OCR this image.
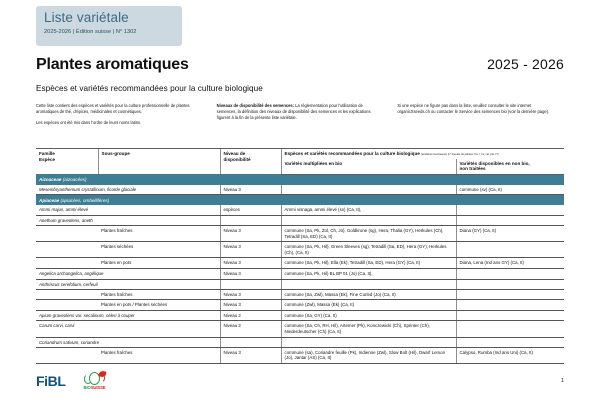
Liste variétale
2025-2026 | Édition suisse | N° 1302
Plantes aromatiques	2025 - 2026
Espèces et variétés recommandées pour la culture biologique

Cette liste contient des espèces et variétés pour la culture professionnelle de plantes aromatiques de thé, d'épices, médicinales et cosmétiques.

Les espèces ont été mis dans l'ordre de leurs noms latins.

Niveaux de disponibilité des semences: La réglementation pour l'utilisation de semences, la définition des niveaux de disponibilité des semences et les explications figurent à la fin de la présente liste variétale.

Si une espèce ne figure pas dans la liste, veuillez consulter le site internet organicXseeds.ch ou contacter le Service des semences bio (voir la dernière page).

Famille
Espèce

Sous-groupe	Niveau de
disponibilité
	Espèces et variétés recommandées pour la culture biologique (tendance fournisseur) (n° brevets de plantes: Ca, I, LV, var. par. IT)

			Variétés multipliées en bio	Variétés disponibles en non bio,
non traitées

Aizoaceae (aizoacées)				
Mesembryanthemum crystallinum, ficoïde glaciale		Niveau 3		commune (sv) (Ca, It)
Apiaceae (apiacées, ombellifères)				
Ammi majus, ammi élevé		espèces	Ammi visnaga, ammi élevé (sv) (Ca, It),	
Anethum graveolens, aneth				
	Plantes fraîches	Niveau 3	commune (Sa, Pk, Zol, Ch, Jo), Goldkrone (sg), Hera, Thalia (GY), Herkules (Ch), Tetradill (Sa, ED) (Ca, It)	Diana (GY) (Ca, It)
	Plantes séchées	Niveau 3	commune (Sa, Pk, Hil), Green Sleeves (sg), Tetradill (Sa, ED), Hera (GY), Herkules (Ch), (Ca, It)	
	Plantes en pots	Niveau 3	commune (Sa, Pk, Hil), Ella (Ek), Tetradill (Sa, ED), Hera (GY) (Ca, It)	Diana, Lena (Ind ans GY) (Ca, It)
Angelica archangelica, angélique		Niveau 3	commune (Sa, Pk, Hil) BL BP 01 (Jo) (Ca, It),	
Anthriscus cerefolium, cerfeuil				
	Plantes fraîches	Niveau 3	commune (Sa, Zwl), Massa (Ek), Fine Curled (Jo) (Ca, It)	
	Plantes en pots / Plantes séchées	Niveau 3	commune (Zwl), Massa (Ek) (Ca, It)	
Apium graveolens var. secalinum, céleri à couper		Niveau 2	commune (Sa, GY) (Ca, It)	
Carum carvi, carvi		Niveau 2	commune (Sa, Ch, RH, Hil), Artemer (Pk), Konczewicki (Ch), Sprinter (Ch), Niederdeutscher (Ch) (Ca, It)	
Coriandrum sativum, coriandre				
	Plantes fraîches	Niveau 3	commune (sa), Coriandre feuille (Pk), Indienne (Zwl), Slow Bolt (Hil), Dwarf Lemon (Jo), Jantar (AS) (Ca, It)	Calypso, Rumba (Ind ans Uni) (Ca, It)
FiBL	BIOSUISSE
1
